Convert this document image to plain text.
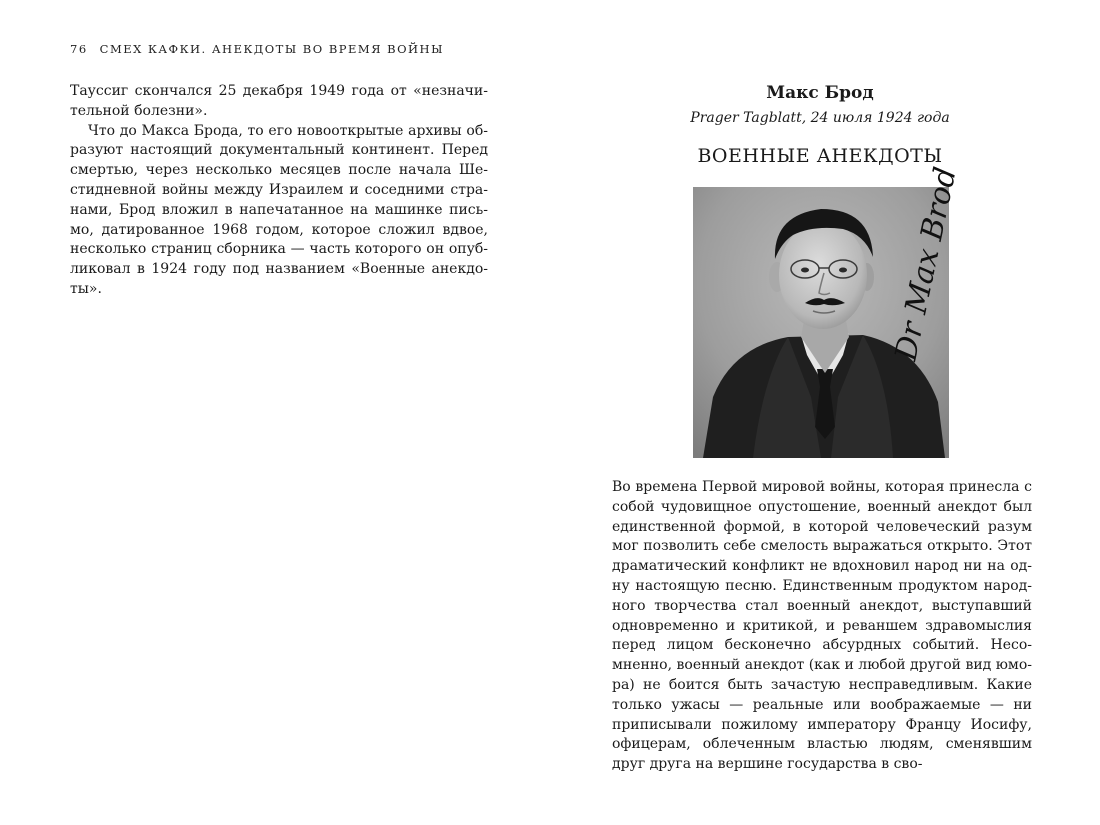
76 СМЕХ КАФКИ. АНЕКДОТЫ ВО ВРЕМЯ ВОЙНЫ

Тауссиг скончался 25 декабря 1949 года от «незначительной болезни».

Что до Макса Брода, то его новооткрытые архивы образуют настоящий документальный континент. Перед смертью, через несколько месяцев после начала Шестидневной войны между Израилем и соседними странами, Брод вложил в напечатанное на машинке письмо, датированное 1968 годом, которое сложил вдвое, несколько страниц сборника — часть которого он опубликовал в 1924 году под названием «Военные анекдоты».

Макс Брод
Prager Tagblatt, 24 июля 1924 года
ВОЕННЫЕ АНЕКДОТЫ
Dr Max Brod

Во времена Первой мировой войны, которая принесла с собой чудовищное опустошение, военный анекдот был единственной формой, в которой человеческий разум мог позволить себе смелость выражаться открыто. Этот драматический конфликт не вдохновил народ ни на одну настоящую песню. Единственным продуктом народного творчества стал военный анекдот, выступавший одновременно и критикой, и реваншем здравомыслия перед лицом бесконечно абсурдных событий. Несомненно, военный анекдот (как и любой другой вид юмора) не боится быть зачастую несправедливым. Какие только ужасы — реальные или воображаемые — ни приписывали пожилому императору Францу Иосифу, офицерам, облеченным властью людям, сменявшим друг друга на вершине государства в сво-
